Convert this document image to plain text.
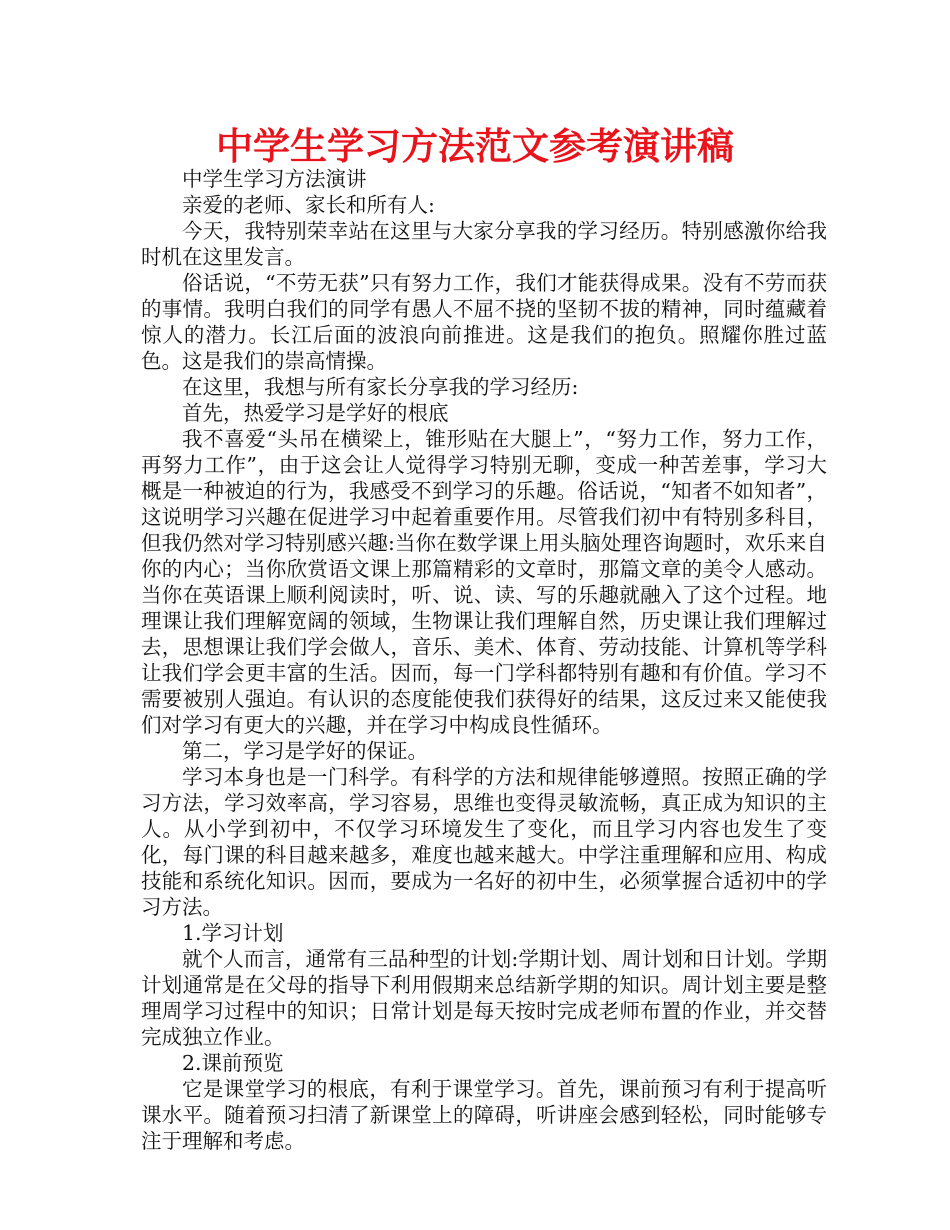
中学生学习方法范文参考演讲稿

中学生学习方法演讲

亲爱的老师、家长和所有人:

今天，我特别荣幸站在这里与大家分享我的学习经历。特别感激你给我时机在这里发言。

俗话说，“不劳无获”只有努力工作，我们才能获得成果。没有不劳而获的事情。我明白我们的同学有愚人不屈不挠的坚韧不拔的精神，同时蕴藏着惊人的潜力。长江后面的波浪向前推进。这是我们的抱负。照耀你胜过蓝色。这是我们的崇高情操。

在这里，我想与所有家长分享我的学习经历:

首先，热爱学习是学好的根底

我不喜爱“头吊在横梁上，锥形贴在大腿上”，“努力工作，努力工作，再努力工作”，由于这会让人觉得学习特别无聊，变成一种苦差事，学习大概是一种被迫的行为，我感受不到学习的乐趣。俗话说，“知者不如知者”，这说明学习兴趣在促进学习中起着重要作用。尽管我们初中有特别多科目，但我仍然对学习特别感兴趣:当你在数学课上用头脑处理咨询题时，欢乐来自你的内心；当你欣赏语文课上那篇精彩的文章时，那篇文章的美令人感动。当你在英语课上顺利阅读时，听、说、读、写的乐趣就融入了这个过程。地理课让我们理解宽阔的领域，生物课让我们理解自然，历史课让我们理解过去，思想课让我们学会做人，音乐、美术、体育、劳动技能、计算机等学科让我们学会更丰富的生活。因而，每一门学科都特别有趣和有价值。学习不需要被别人强迫。有认识的态度能使我们获得好的结果，这反过来又能使我们对学习有更大的兴趣，并在学习中构成良性循环。

第二，学习是学好的保证。

学习本身也是一门科学。有科学的方法和规律能够遵照。按照正确的学习方法，学习效率高，学习容易，思维也变得灵敏流畅，真正成为知识的主人。从小学到初中，不仅学习环境发生了变化，而且学习内容也发生了变化，每门课的科目越来越多，难度也越来越大。中学注重理解和应用、构成技能和系统化知识。因而，要成为一名好的初中生，必须掌握合适初中的学习方法。

1.学习计划

就个人而言，通常有三品种型的计划:学期计划、周计划和日计划。学期计划通常是在父母的指导下利用假期来总结新学期的知识。周计划主要是整理周学习过程中的知识；日常计划是每天按时完成老师布置的作业，并交替完成独立作业。

2.课前预览

它是课堂学习的根底，有利于课堂学习。首先，课前预习有利于提高听课水平。随着预习扫清了新课堂上的障碍，听讲座会感到轻松，同时能够专注于理解和考虑。
